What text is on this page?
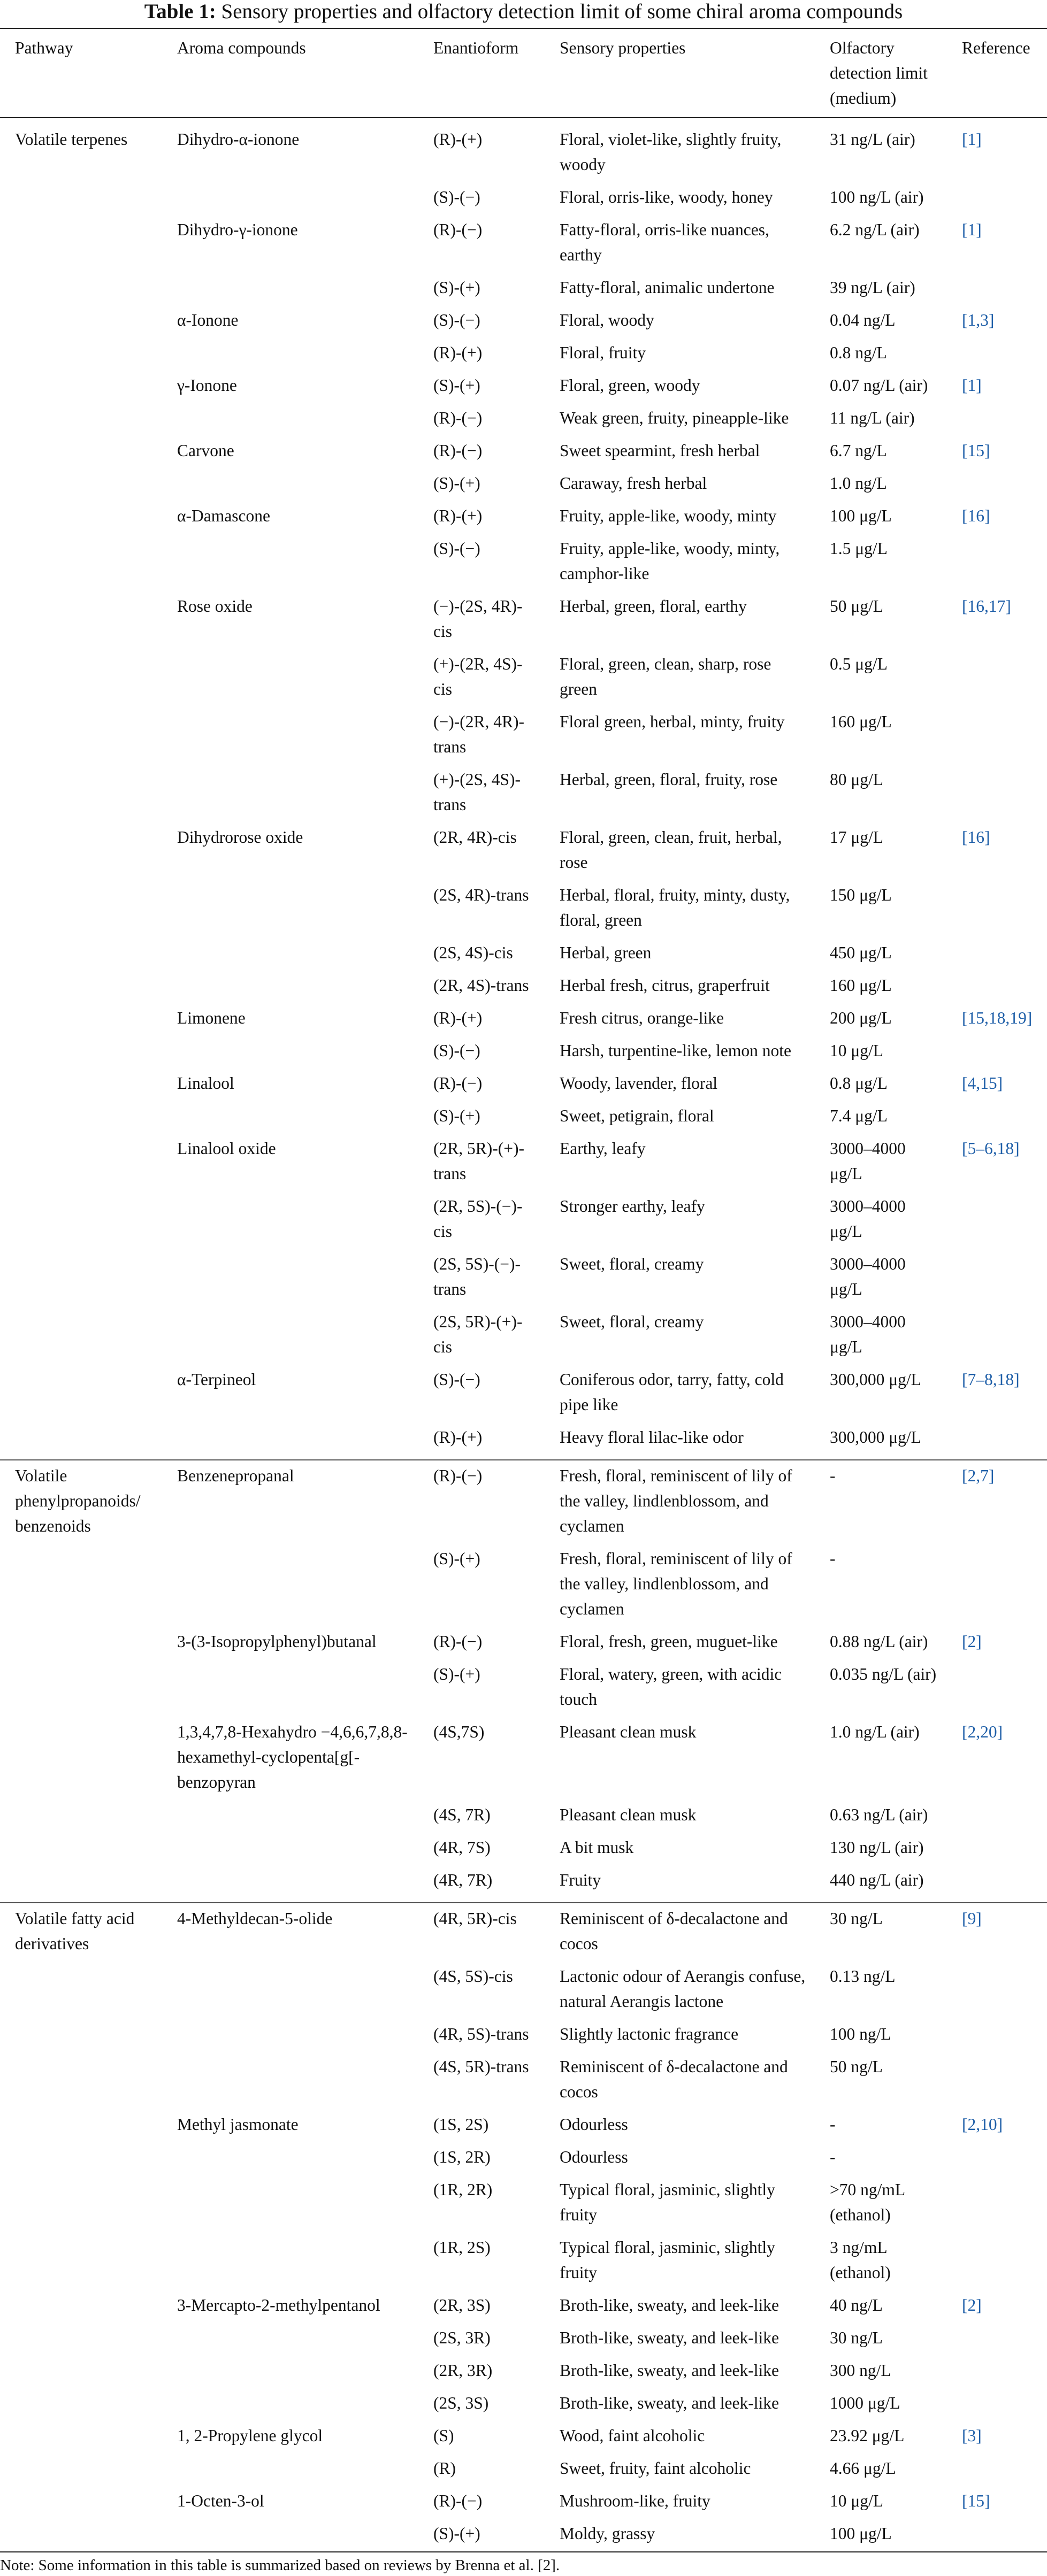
Table 1: Sensory properties and olfactory detection limit of some chiral aroma compounds
Pathway	Aroma compounds	Enantioform	Sensory properties	Olfactory detection limit (medium)	Reference
Volatile terpenes	Dihydro-α-ionone	(R)-(+)	Floral, violet-like, slightly fruity, woody	31 ng/L (air)	[1]
		(S)-(−)	Floral, orris-like, woody, honey	100 ng/L (air)	
	Dihydro-γ-ionone	(R)-(−)	Fatty-floral, orris-like nuances, earthy	6.2 ng/L (air)	[1]
		(S)-(+)	Fatty-floral, animalic undertone	39 ng/L (air)	
	α-Ionone	(S)-(−)	Floral, woody	0.04 ng/L	[1,3]
		(R)-(+)	Floral, fruity	0.8 ng/L	
	γ-Ionone	(S)-(+)	Floral, green, woody	0.07 ng/L (air)	[1]
		(R)-(−)	Weak green, fruity, pineapple-like	11 ng/L (air)	
	Carvone	(R)-(−)	Sweet spearmint, fresh herbal	6.7 ng/L	[15]
		(S)-(+)	Caraway, fresh herbal	1.0 ng/L	
	α-Damascone	(R)-(+)	Fruity, apple-like, woody, minty	100 μg/L	[16]
		(S)-(−)	Fruity, apple-like, woody, minty, camphor-like	1.5 μg/L	
	Rose oxide	(−)-(2S, 4R)-cis	Herbal, green, floral, earthy	50 μg/L	[16,17]
		(+)-(2R, 4S)-cis	Floral, green, clean, sharp, rose green	0.5 μg/L	
		(−)-(2R, 4R)-trans	Floral green, herbal, minty, fruity	160 μg/L	
		(+)-(2S, 4S)-trans	Herbal, green, floral, fruity, rose	80 μg/L	
	Dihydrorose oxide	(2R, 4R)-cis	Floral, green, clean, fruit, herbal, rose	17 μg/L	[16]
		(2S, 4R)-trans	Herbal, floral, fruity, minty, dusty, floral, green	150 μg/L	
		(2S, 4S)-cis	Herbal, green	450 μg/L	
		(2R, 4S)-trans	Herbal fresh, citrus, graperfruit	160 μg/L	
	Limonene	(R)-(+)	Fresh citrus, orange-like	200 μg/L	[15,18,19]
		(S)-(−)	Harsh, turpentine-like, lemon note	10 μg/L	
	Linalool	(R)-(−)	Woody, lavender, floral	0.8 μg/L	[4,15]
		(S)-(+)	Sweet, petigrain, floral	7.4 μg/L	
	Linalool oxide	(2R, 5R)-(+)-trans	Earthy, leafy	3000–4000 μg/L	[5–6,18]
		(2R, 5S)-(−)-cis	Stronger earthy, leafy	3000–4000 μg/L	
		(2S, 5S)-(−)-trans	Sweet, floral, creamy	3000–4000 μg/L	
		(2S, 5R)-(+)-cis	Sweet, floral, creamy	3000–4000 μg/L	
	α-Terpineol	(S)-(−)	Coniferous odor, tarry, fatty, cold pipe like	300,000 μg/L	[7–8,18]
		(R)-(+)	Heavy floral lilac-like odor	300,000 μg/L	
Volatile phenylpropanoids/ benzenoids	Benzenepropanal	(R)-(−)	Fresh, floral, reminiscent of lily of the valley, lindlenblossom, and cyclamen	-	[2,7]
		(S)-(+)	Fresh, floral, reminiscent of lily of the valley, lindlenblossom, and cyclamen	-	
	3-(3-Isopropylphenyl)butanal	(R)-(−)	Floral, fresh, green, muguet-like	0.88 ng/L (air)	[2]
		(S)-(+)	Floral, watery, green, with acidic touch	0.035 ng/L (air)	
	1,3,4,7,8-Hexahydro −4,6,6,7,8,8-hexamethyl-cyclopenta[g[-benzopyran	(4S,7S)	Pleasant clean musk	1.0 ng/L (air)	[2,20]
		(4S, 7R)	Pleasant clean musk	0.63 ng/L (air)	
		(4R, 7S)	A bit musk	130 ng/L (air)	
		(4R, 7R)	Fruity	440 ng/L (air)	
Volatile fatty acid derivatives	4-Methyldecan-5-olide	(4R, 5R)-cis	Reminiscent of δ-decalactone and cocos	30 ng/L	[9]
		(4S, 5S)-cis	Lactonic odour of Aerangis confuse, natural Aerangis lactone	0.13 ng/L	
		(4R, 5S)-trans	Slightly lactonic fragrance	100 ng/L	
		(4S, 5R)-trans	Reminiscent of δ-decalactone and cocos	50 ng/L	
	Methyl jasmonate	(1S, 2S)	Odourless	-	[2,10]
		(1S, 2R)	Odourless	-	
		(1R, 2R)	Typical floral, jasminic, slightly fruity	>70 ng/mL (ethanol)	
		(1R, 2S)	Typical floral, jasminic, slightly fruity	3 ng/mL (ethanol)	
	3-Mercapto-2-methylpentanol	(2R, 3S)	Broth-like, sweaty, and leek-like	40 ng/L	[2]
		(2S, 3R)	Broth-like, sweaty, and leek-like	30 ng/L	
		(2R, 3R)	Broth-like, sweaty, and leek-like	300 ng/L	
		(2S, 3S)	Broth-like, sweaty, and leek-like	1000 μg/L	
	1, 2-Propylene glycol	(S)	Wood, faint alcoholic	23.92 μg/L	[3]
		(R)	Sweet, fruity, faint alcoholic	4.66 μg/L	
	1-Octen-3-ol	(R)-(−)	Mushroom-like, fruity	10 μg/L	[15]
		(S)-(+)	Moldy, grassy	100 μg/L	
Note: Some information in this table is summarized based on reviews by Brenna et al. [2].
